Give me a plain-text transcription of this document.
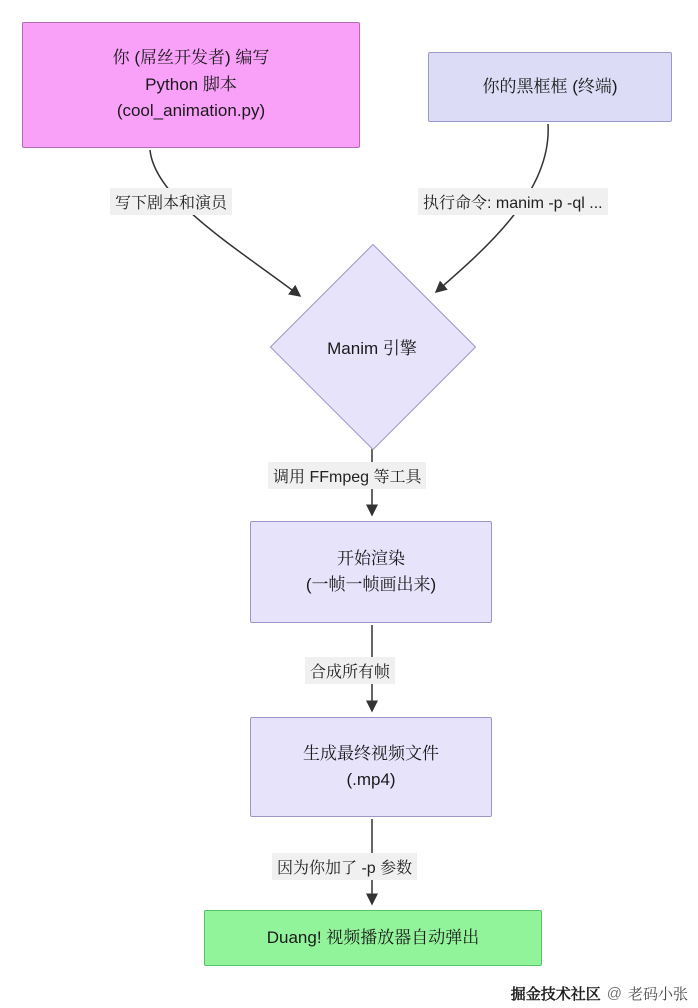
你 (屌丝开发者) 编写
Python 脚本
(cool_animation.py)
你的黑框框 (终端)
Manim 引擎
开始渲染
(一帧一帧画出来)
生成最终视频文件
(.mp4)
Duang! 视频播放器自动弹出
写下剧本和演员	执行命令: manim -p -ql ...
调用 FFmpeg 等工具
合成所有帧
因为你加了 -p 参数
掘金技术社区 @ 老码小张
